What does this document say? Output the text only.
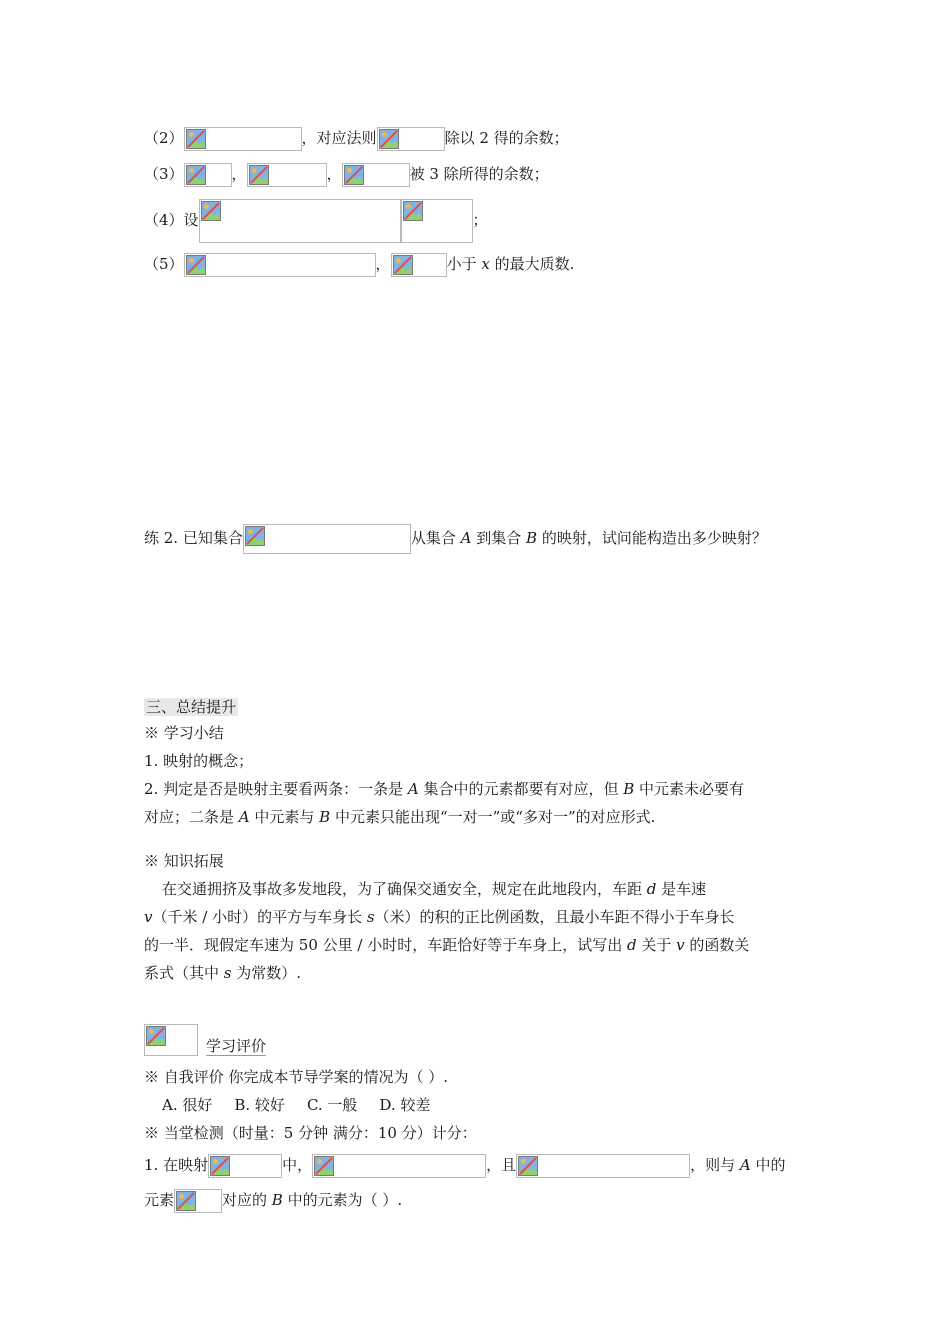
（2）	，对应法则	除以 2 得的余数；
（3）	，	，	被 3 除所得的余数；
（4）设	；
（5）	，	小于 x 的最大质数.
练 2. 已知集合	从集合 A 到集合 B 的映射，试问能构造出多少映射？
三、总结提升
※ 学习小结
1. 映射的概念；
2. 判定是否是映射主要看两条：一条是 A 集合中的元素都要有对应，但 B 中元素未必要有
对应；二条是 A 中元素与 B 中元素只能出现“一对一”或“多对一”的对应形式.
※ 知识拓展
在交通拥挤及事故多发地段，为了确保交通安全，规定在此地段内，车距 d 是车速
v（千米 / 小时）的平方与车身长 s（米）的积的正比例函数，且最小车距不得小于车身长
的一半．现假定车速为 50 公里 / 小时时，车距恰好等于车身上，试写出 d 关于 v 的函数关
系式（其中 s 为常数）.
学习评价
※ 自我评价 你完成本节导学案的情况为（ ）.
A. 很好 B. 较好 C. 一般 D. 较差
※ 当堂检测（时量：5 分钟 满分：10 分）计分：
1. 在映射	中，	，且	，则与 A 中的
元素	对应的 B 中的元素为（ ）.
